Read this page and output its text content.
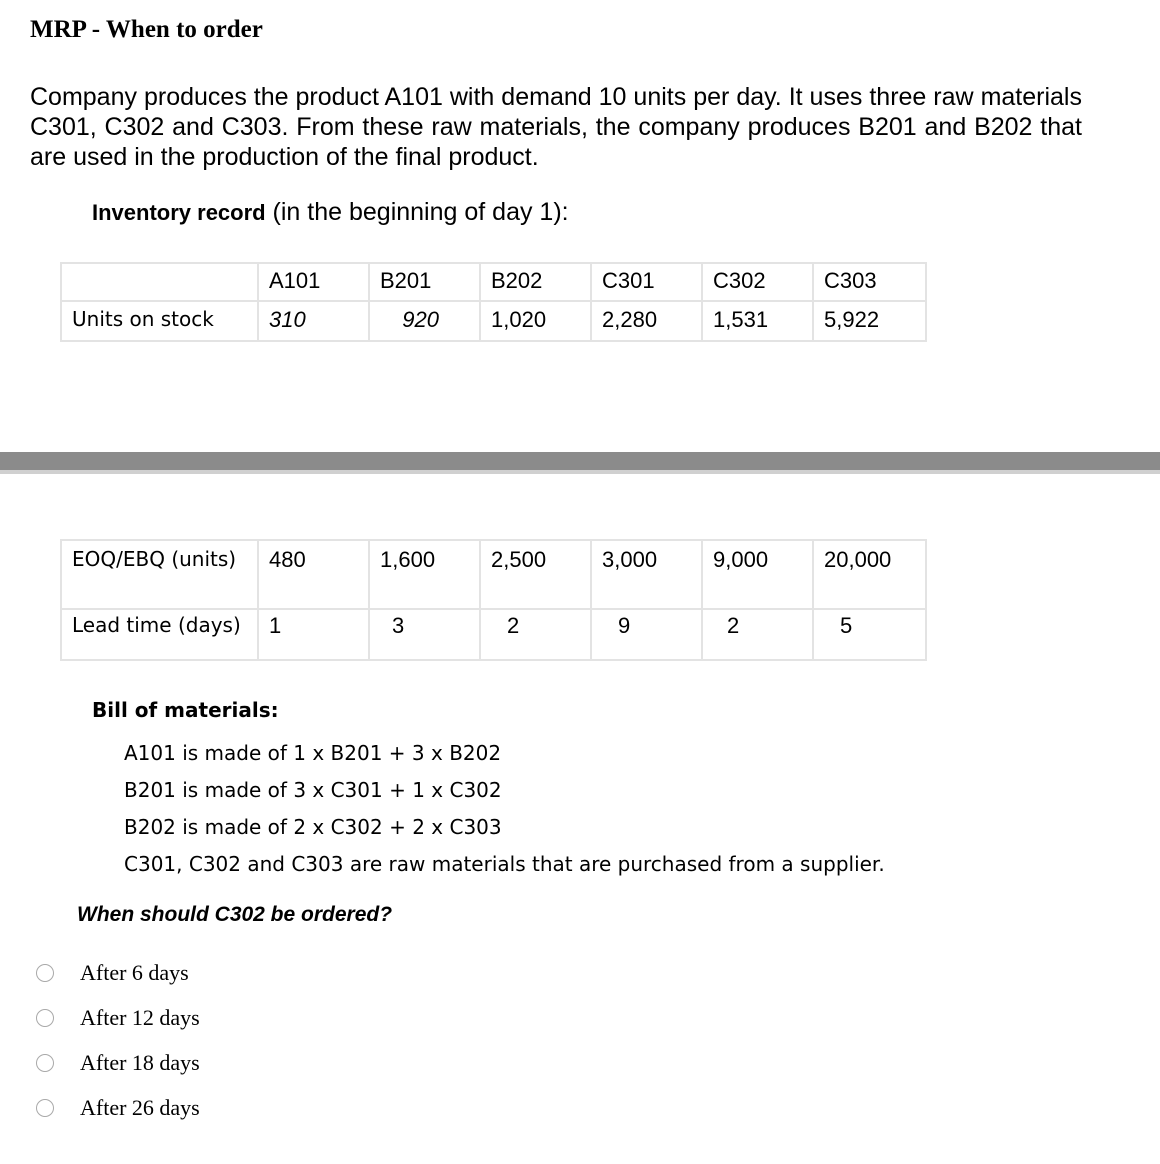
MRP - When to order
Company produces the product A101 with demand 10 units per day. It uses three raw materials C301, C302 and C303. From these raw materials, the company produces B201 and B202 that are used in the production of the final product.
Inventory record (in the beginning of day 1):
	A101	B201	B202	C301	C302	C303
Units on stock	310	920	1,020	2,280	1,531	5,922
EOQ/EBQ (units)	480	1,600	2,500	3,000	9,000	20,000
Lead time (days)	1	3	2	9	2	5
Bill of materials:
A101 is made of 1 x B201 + 3 x B202
B201 is made of 3 x C301 + 1 x C302
B202 is made of 2 x C302 + 2 x C303
C301, C302 and C303 are raw materials that are purchased from a supplier.
When should C302 be ordered?
After 6 days
After 12 days
After 18 days
After 26 days
